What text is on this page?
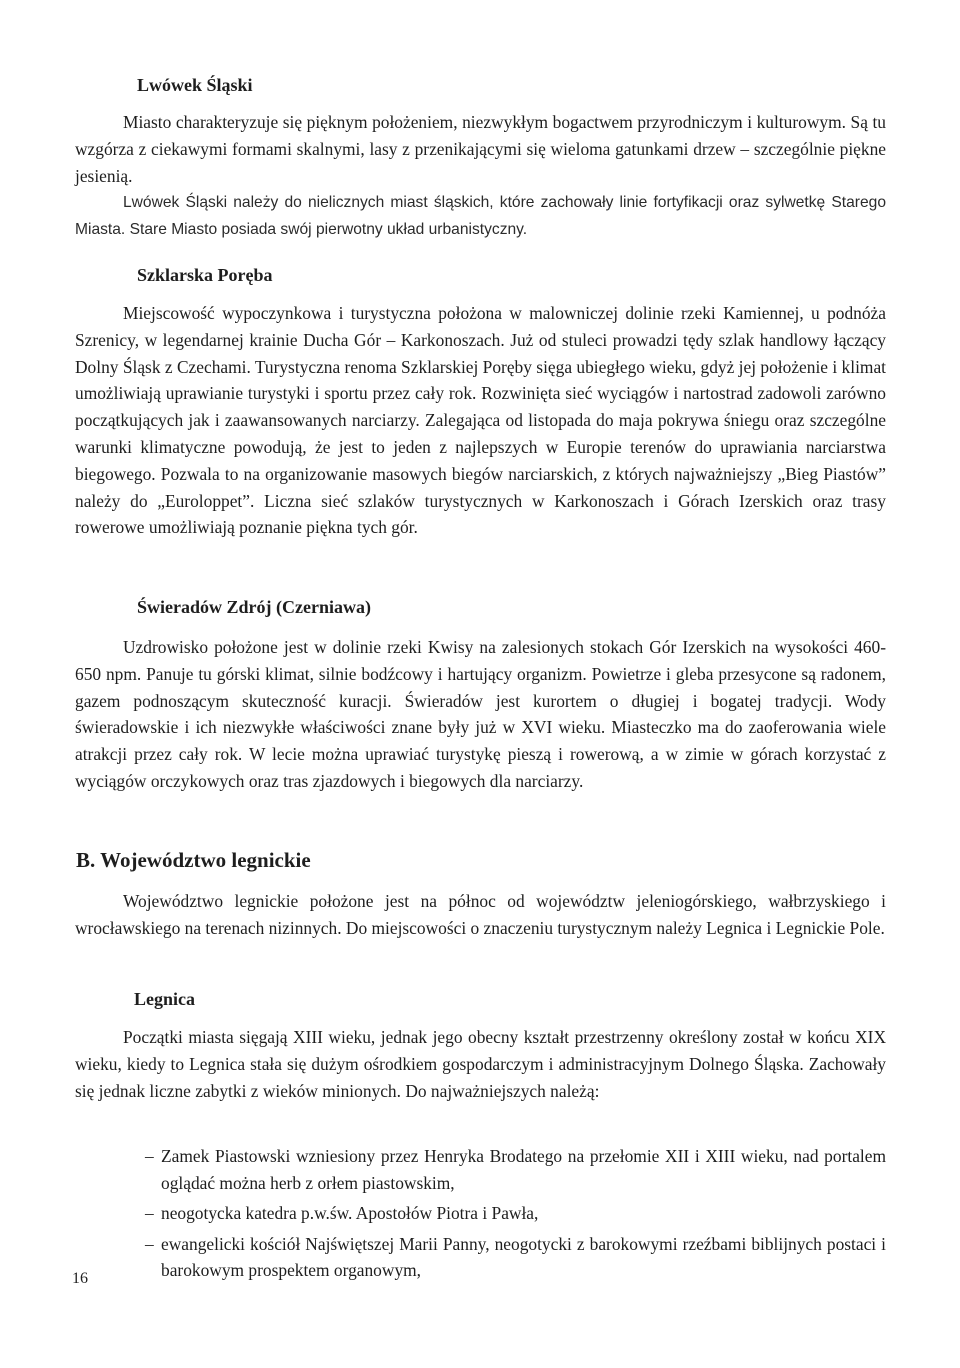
Lwówek Śląski

Miasto charakteryzuje się pięknym położeniem, niezwykłym bogactwem przyrodniczym i kulturowym. Są tu wzgórza z ciekawymi formami skalnymi, lasy z przenikającymi się wieloma gatunkami drzew – szczególnie piękne jesienią.

Lwówek Śląski należy do nielicznych miast śląskich, które zachowały linie fortyfikacji oraz sylwetkę Starego Miasta. Stare Miasto posiada swój pierwotny układ urbanistyczny.

Szklarska Poręba

Miejscowość wypoczynkowa i turystyczna położona w malowniczej dolinie rzeki Kamiennej, u podnóża Szrenicy, w legendarnej krainie Ducha Gór – Karkonoszach. Już od stuleci prowadzi tędy szlak handlowy łączący Dolny Śląsk z Czechami. Turystyczna renoma Szklarskiej Poręby sięga ubiegłego wieku, gdyż jej położenie i klimat umożliwiają uprawianie turystyki i sportu przez cały rok. Rozwinięta sieć wyciągów i nartostrad zadowoli zarówno początkujących jak i zaawansowanych narciarzy. Zalegająca od listopada do maja pokrywa śniegu oraz szczególne warunki klimatyczne powodują, że jest to jeden z najlepszych w Europie terenów do uprawiania narciarstwa biegowego. Pozwala to na organizowanie masowych biegów narciarskich, z których najważniejszy „Bieg Piastów” należy do „Euroloppet”. Liczna sieć szlaków turystycznych w Karkonoszach i Górach Izerskich oraz trasy rowerowe umożliwiają poznanie piękna tych gór.

Świeradów Zdrój (Czerniawa)

Uzdrowisko położone jest w dolinie rzeki Kwisy na zalesionych stokach Gór Izerskich na wysokości 460-650 npm. Panuje tu górski klimat, silnie bodźcowy i hartujący organizm. Powietrze i gleba przesycone są radonem, gazem podnoszącym skuteczność kuracji. Świeradów jest kurortem o długiej i bogatej tradycji. Wody świeradowskie i ich niezwykłe właściwości znane były już w XVI wieku. Miasteczko ma do zaoferowania wiele atrakcji przez cały rok. W lecie można uprawiać turystykę pieszą i rowerową, a w zimie w górach korzystać z wyciągów orczykowych oraz tras zjazdowych i biegowych dla narciarzy.

B. Województwo legnickie

Województwo legnickie położone jest na północ od województw jeleniogórskiego, wałbrzyskiego i wrocławskiego na terenach nizinnych. Do miejscowości o znaczeniu turystycznym należy Legnica i Legnickie Pole.

Legnica

Początki miasta sięgają XIII wieku, jednak jego obecny kształt przestrzenny określony został w końcu XIX wieku, kiedy to Legnica stała się dużym ośrodkiem gospodarczym i administracyjnym Dolnego Śląska. Zachowały się jednak liczne zabytki z wieków minionych. Do najważniejszych należą:

– Zamek Piastowski wzniesiony przez Henryka Brodatego na przełomie XII i XIII wieku, nad portalem oglądać można herb z orłem piastowskim,
– neogotycka katedra p.w.św. Apostołów Piotra i Pawła,
– ewangelicki kościół Najświętszej Marii Panny, neogotycki z barokowymi rzeźbami biblijnych postaci i barokowym prospektem organowym,

16
